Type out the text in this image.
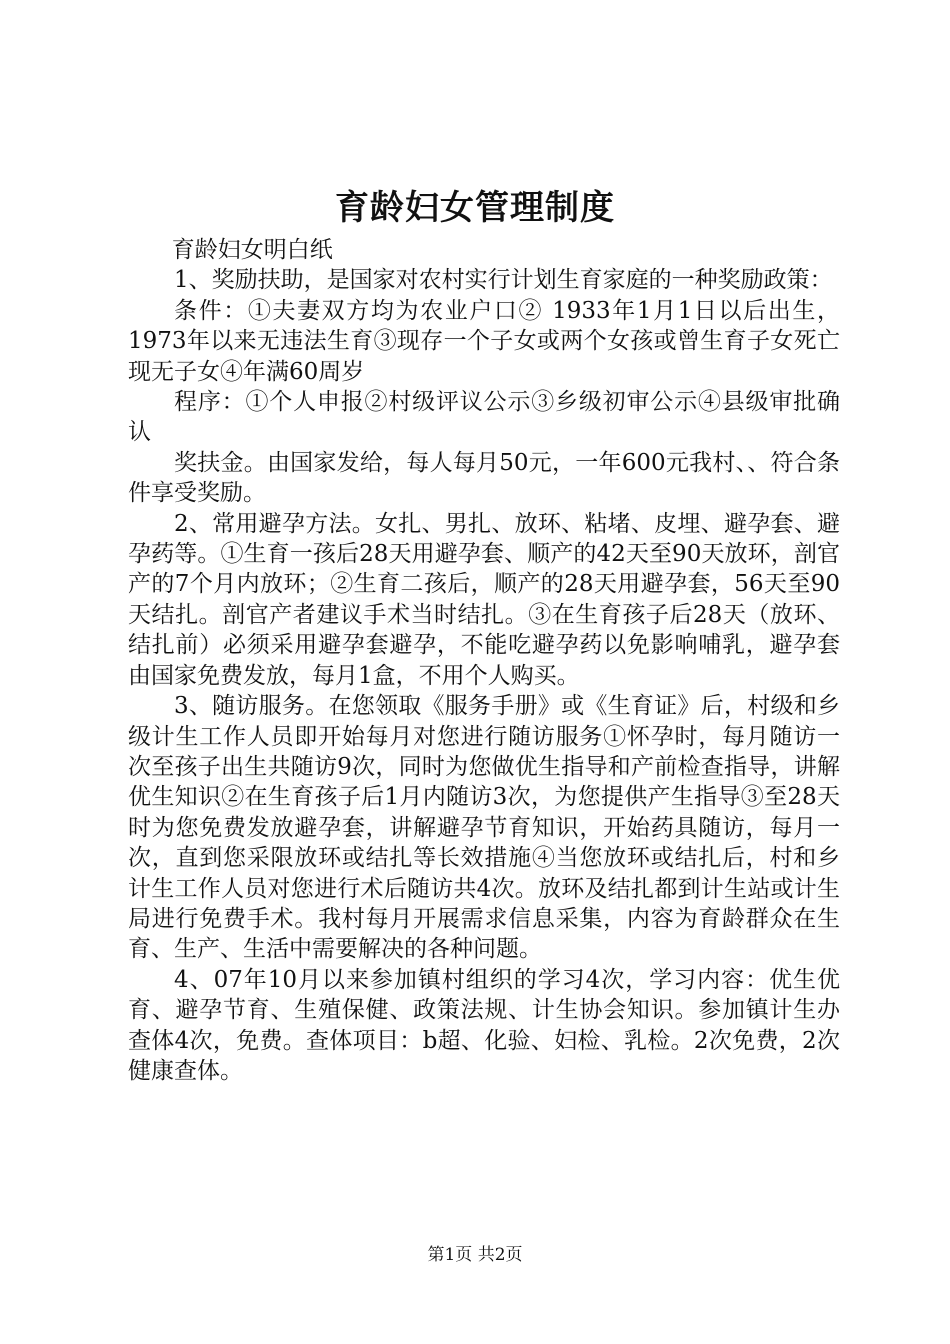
育龄妇女管理制度

育龄妇女明白纸

1、奖励扶助，是国家对农村实行计划生育家庭的一种奖励政策：

条件：①夫妻双方均为农业户口② 1933年1月1日以后出生，1973年以来无违法生育③现存一个子女或两个女孩或曾生育子女死亡现无子女④年满60周岁

程序：①个人申报②村级评议公示③乡级初审公示④县级审批确认

奖扶金。由国家发给，每人每月50元，一年600元我村、、符合条件享受奖励。

2、常用避孕方法。女扎、男扎、放环、粘堵、皮埋、避孕套、避孕药等。①生育一孩后28天用避孕套、顺产的42天至90天放环，剖官产的7个月内放环；②生育二孩后，顺产的28天用避孕套，56天至90天结扎。剖官产者建议手术当时结扎。③在生育孩子后28天（放环、结扎前）必须采用避孕套避孕，不能吃避孕药以免影响哺乳，避孕套由国家免费发放，每月1盒，不用个人购买。

3、随访服务。在您领取《服务手册》或《生育证》后，村级和乡级计生工作人员即开始每月对您进行随访服务①怀孕时，每月随访一次至孩子出生共随访9次，同时为您做优生指导和产前检查指导，讲解优生知识②在生育孩子后1月内随访3次，为您提供产生指导③至28天时为您免费发放避孕套，讲解避孕节育知识，开始药具随访，每月一次，直到您采限放环或结扎等长效措施④当您放环或结扎后，村和乡计生工作人员对您进行术后随访共4次。放环及结扎都到计生站或计生局进行免费手术。我村每月开展需求信息采集，内容为育龄群众在生育、生产、生活中需要解决的各种问题。

4、07年10月以来参加镇村组织的学习4次，学习内容：优生优育、避孕节育、生殖保健、政策法规、计生协会知识。参加镇计生办查体4次，免费。查体项目：b超、化验、妇检、乳检。2次免费，2次健康查体。

第1页 共2页
